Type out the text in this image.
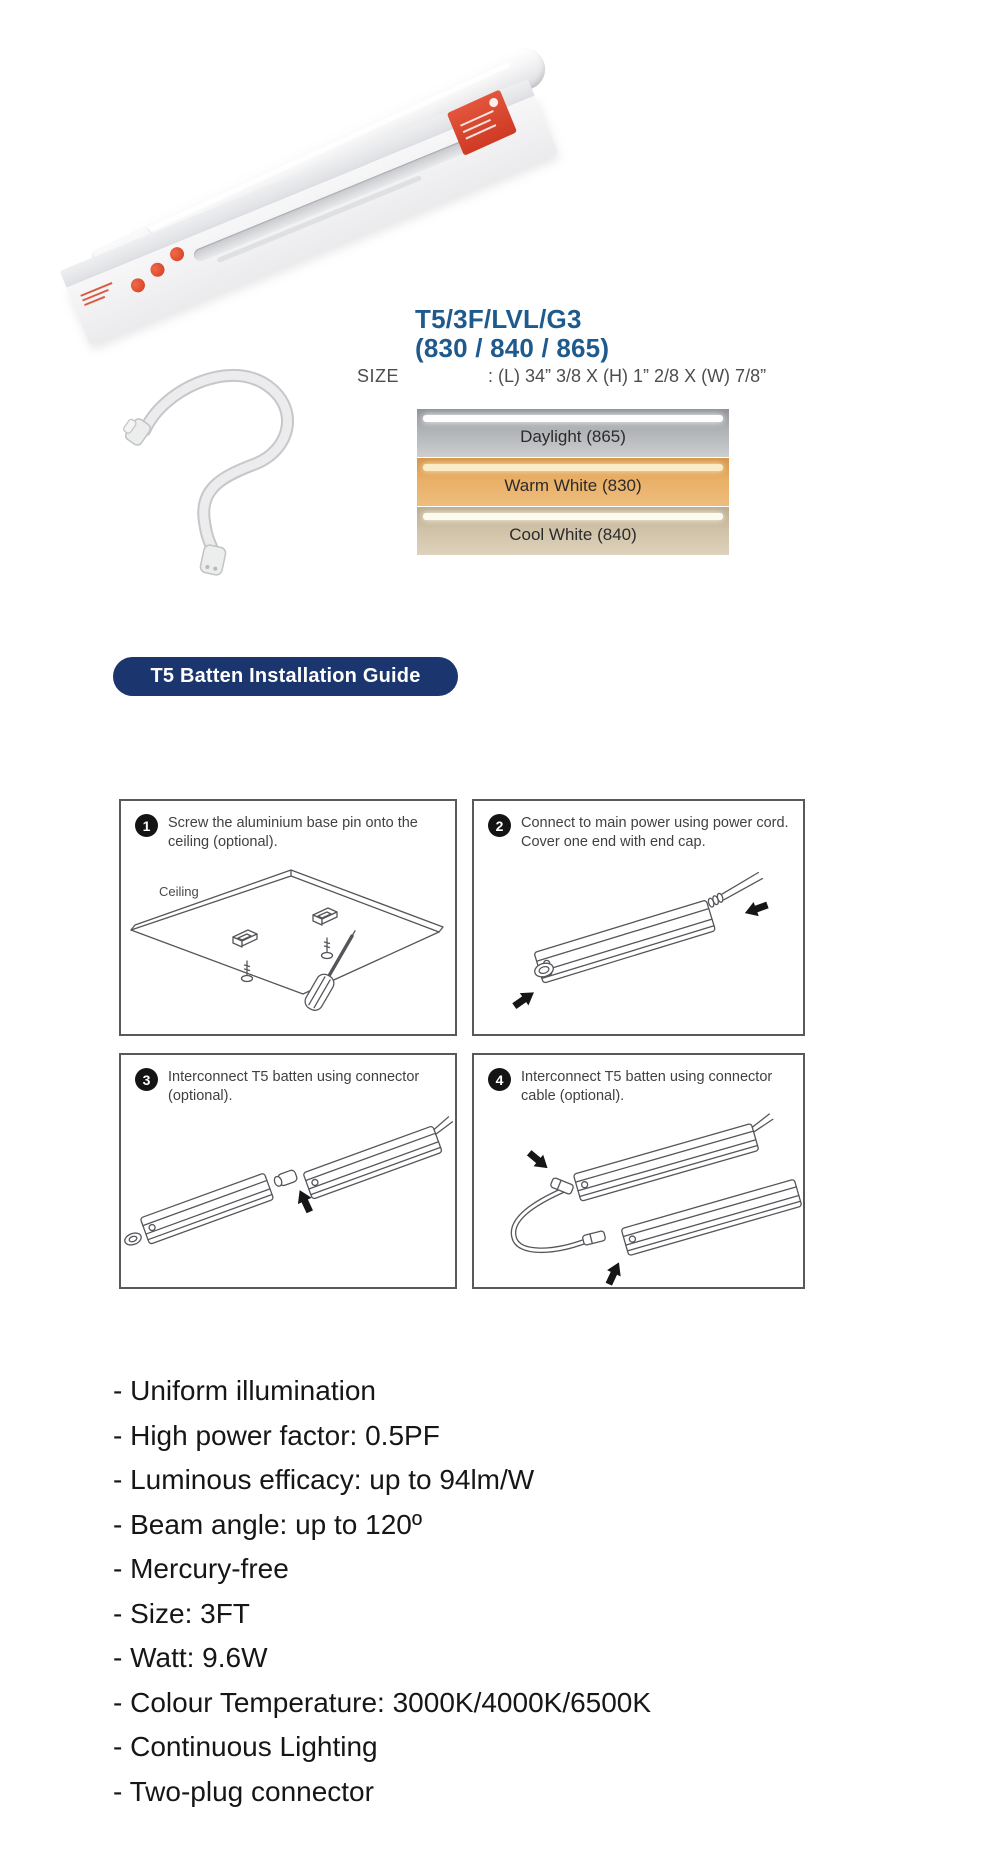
T5/3F/LVL/G3
(830 / 840 / 865)
SIZE	: (L) 34” 3/8 X (H) 1” 2/8 X (W) 7/8”
Daylight (865)
Warm White (830)
Cool White (840)
T5 Batten Installation Guide
1	Screw the aluminium base pin onto the ceiling (optional).
Ceiling
2	Connect to main power using power cord. Cover one end with end cap.
3	Interconnect T5 batten using connector (optional).
4	Interconnect T5 batten using connector cable (optional).
- Uniform illumination
- High power factor: 0.5PF
- Luminous efficacy: up to 94lm/W
- Beam angle: up to 120º
- Mercury-free
- Size: 3FT
- Watt: 9.6W
- Colour Temperature: 3000K/4000K/6500K
- Continuous Lighting
- Two-plug connector
